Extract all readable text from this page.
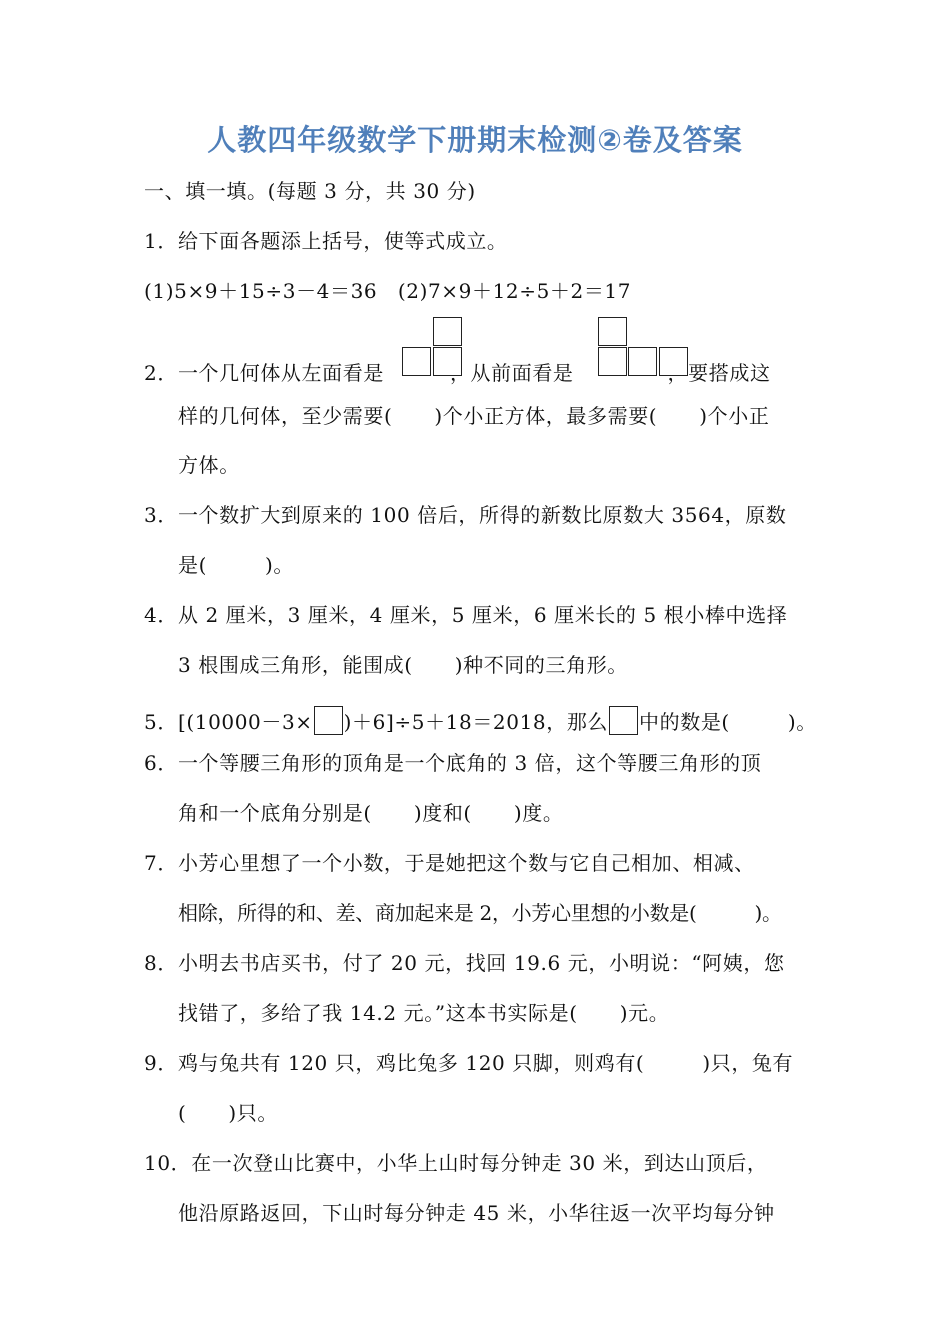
人教四年级数学下册期末检测②卷及答案
一、填一填。(每题 3 分，共 30 分)
1．给下面各题添上括号，使等式成立。
(1)5×9＋15÷3－4＝36　(2)7×9＋12÷5＋2＝17
2．一个几何体从左面看是	，从前面看是	，要搭成这
样的几何体，至少需要( )个小正方体，最多需要( )个小正
方体。
3．一个数扩大到原来的 100 倍后，所得的新数比原数大 3564，原数
是(	)。
4．从 2 厘米，3 厘米，4 厘米，5 厘米，6 厘米长的 5 根小棒中选择
3 根围成三角形，能围成( )种不同的三角形。
5．[(10000－3× )＋6]÷5＋18＝2018，那么 中的数是(	)。
6．一个等腰三角形的顶角是一个底角的 3 倍，这个等腰三角形的顶
角和一个底角分别是( )度和( )度。
7．小芳心里想了一个小数，于是她把这个数与它自己相加、相减、
相除，所得的和、差、商加起来是 2，小芳心里想的小数是(	)。
8．小明去书店买书，付了 20 元，找回 19.6 元，小明说：“阿姨，您
找错了，多给了我 14.2 元。”这本书实际是( )元。
9．鸡与兔共有 120 只，鸡比兔多 120 只脚，则鸡有(	)只，兔有
( )只。
10．在一次登山比赛中，小华上山时每分钟走 30 米，到达山顶后，
他沿原路返回，下山时每分钟走 45 米，小华往返一次平均每分钟
